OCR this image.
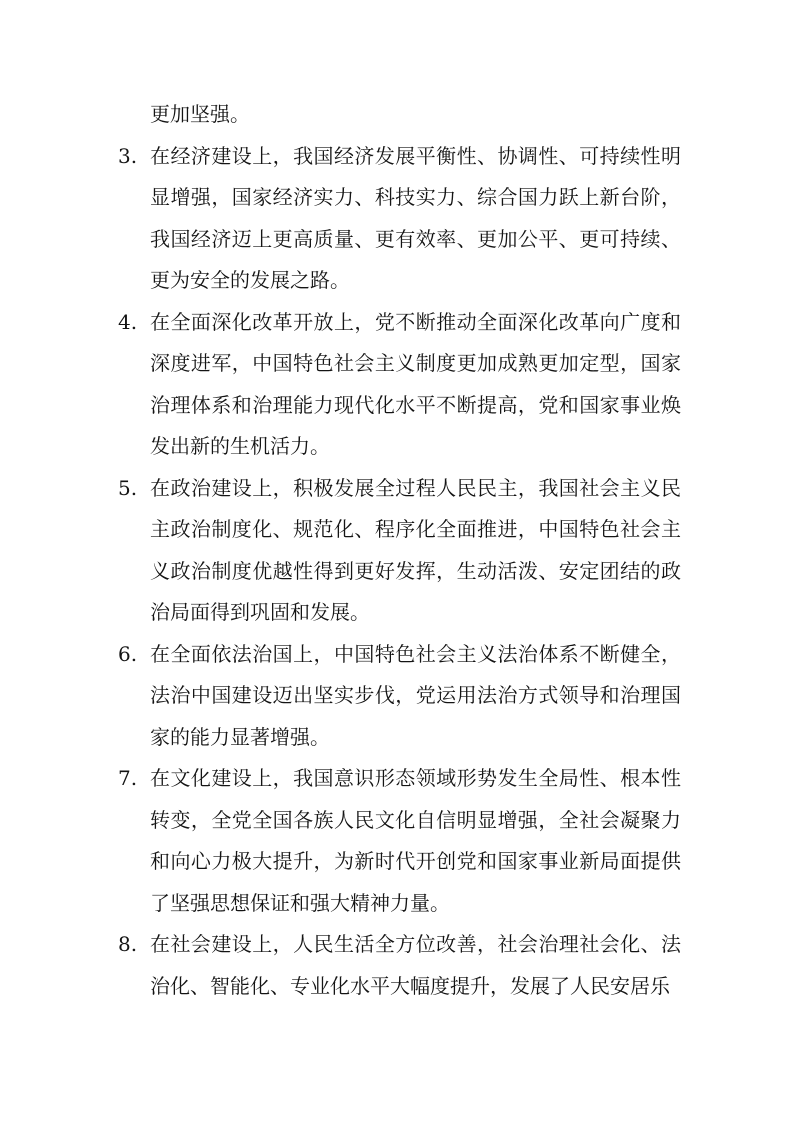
更加坚强。
3. 在经济建设上，我国经济发展平衡性、协调性、可持续性明显增强，国家经济实力、科技实力、综合国力跃上新台阶，我国经济迈上更高质量、更有效率、更加公平、更可持续、更为安全的发展之路。
4. 在全面深化改革开放上，党不断推动全面深化改革向广度和深度进军，中国特色社会主义制度更加成熟更加定型，国家治理体系和治理能力现代化水平不断提高，党和国家事业焕发出新的生机活力。
5. 在政治建设上，积极发展全过程人民民主，我国社会主义民主政治制度化、规范化、程序化全面推进，中国特色社会主义政治制度优越性得到更好发挥，生动活泼、安定团结的政治局面得到巩固和发展。
6. 在全面依法治国上，中国特色社会主义法治体系不断健全，法治中国建设迈出坚实步伐，党运用法治方式领导和治理国家的能力显著增强。
7. 在文化建设上，我国意识形态领域形势发生全局性、根本性转变，全党全国各族人民文化自信明显增强，全社会凝聚力和向心力极大提升，为新时代开创党和国家事业新局面提供了坚强思想保证和强大精神力量。
8. 在社会建设上，人民生活全方位改善，社会治理社会化、法治化、智能化、专业化水平大幅度提升，发展了人民安居乐
